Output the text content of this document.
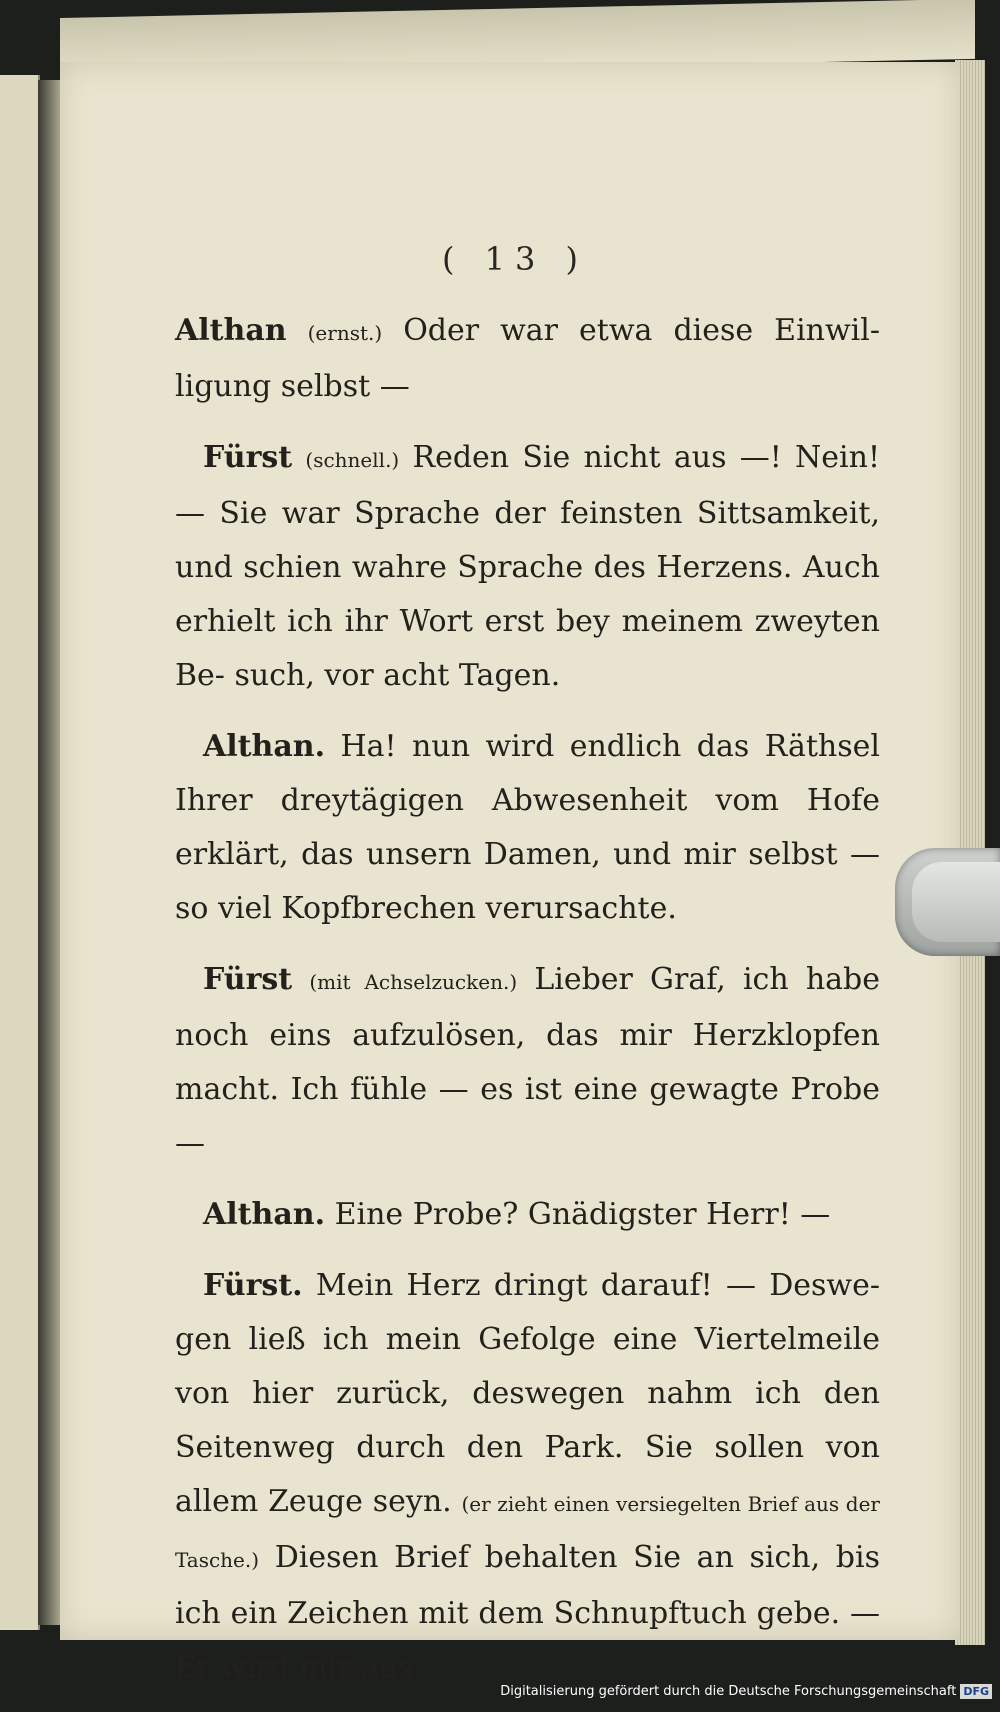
( 13 )

Althan (ernst.) Oder war etwa diese Einwil- ligung selbst —

Fürst (schnell.) Reden Sie nicht aus —! Nein! — Sie war Sprache der feinsten Sittsamkeit, und schien wahre Sprache des Herzens. Auch erhielt ich ihr Wort erst bey meinem zweyten Be- such, vor acht Tagen.

Althan. Ha! nun wird endlich das Räthsel Ihrer dreytägigen Abwesenheit vom Hofe erklärt, das unsern Damen, und mir selbst — so viel Kopfbrechen verursachte.

Fürst (mit Achselzucken.) Lieber Graf, ich habe noch eins aufzulösen, das mir Herzklopfen macht. Ich fühle — es ist eine gewagte Probe —

Althan. Eine Probe? Gnädigster Herr! —

Fürst. Mein Herz dringt darauf! — Deswe- gen ließ ich mein Gefolge eine Viertelmeile von hier zurück, deswegen nahm ich den Seitenweg durch den Park. Sie sollen von allem Zeuge seyn. (er zieht einen versiegelten Brief aus der Tasche.) Diesen Brief behalten Sie an sich, bis ich ein Zeichen mit dem Schnupftuch gebe. — Er wird mir aus

Digitalisierung gefördert durch die Deutsche Forschungsgemeinschaft DFG
